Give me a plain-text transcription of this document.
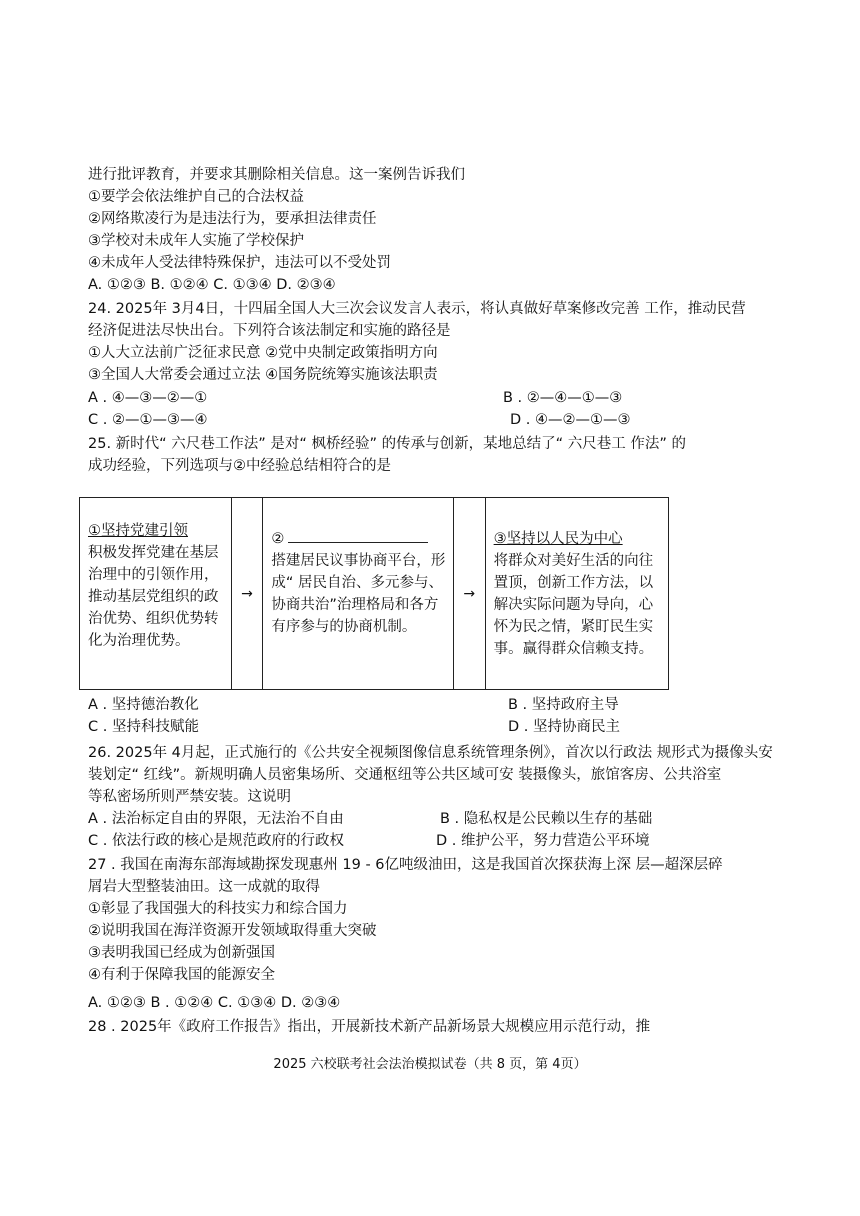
进行批评教育，并要求其删除相关信息。这一案例告诉我们
①要学会依法维护自己的合法权益
②网络欺凌行为是违法行为，要承担法律责任
③学校对未成年人实施了学校保护
④未成年人受法律特殊保护，违法可以不受处罚
A. ①②③ B. ①②④ C. ①③④ D. ②③④
24. 2025年 3月4日，十四届全国人大三次会议发言人表示，将认真做好草案修改完善 工作，推动民营
经济促进法尽快出台。下列符合该法制定和实施的路径是
①人大立法前广泛征求民意 ②党中央制定政策指明方向
③全国人大常委会通过立法 ④国务院统筹实施该法职责
25. 新时代“ 六尺巷工作法” 是对“ 枫桥经验” 的传承与创新，某地总结了“ 六尺巷工 作法” 的
成功经验，下列选项与②中经验总结相符合的是
26. 2025年 4月起，正式施行的《公共安全视频图像信息系统管理条例》，首次以行政法 规形式为摄像头安
装划定“ 红线”。新规明确人员密集场所、交通枢纽等公共区域可安 装摄像头，旅馆客房、公共浴室
等私密场所则严禁安装。这说明
27 . 我国在南海东部海域勘探发现惠州 19 - 6亿吨级油田，这是我国首次探获海上深 层—超深层碎
屑岩大型整装油田。这一成就的取得
①彰显了我国强大的科技实力和综合国力
②说明我国在海洋资源开发领域取得重大突破
③表明我国已经成为创新强国
④有利于保障我国的能源安全
A. ①②③ B . ①②④ C. ①③④ D. ②③④
28 . 2025年《政府工作报告》指出，开展新技术新产品新场景大规模应用示范行动，推
A . ④—③—②—①	B . ②—④—①—③
C . ②—①—③—④	D . ④—②—①—③
A . 坚持德治教化	B . 坚持政府主导
C . 坚持科技赋能	D . 坚持协商民主
A . 法治标定自由的界限，无法治不自由	B . 隐私权是公民赖以生存的基础
C . 依法行政的核心是规范政府的行政权	D . 维护公平，努力营造公平环境
①坚持党建引领
积极发挥党建在基层治理中的引领作用，推动基层党组织的政治优势、组织优势转化为治理优势。
→
②
搭建居民议事协商平台，形成“ 居民自治、多元参与、协商共治”治理格局和各方有序参与的协商机制。
→
③坚持以人民为中心
将群众对美好生活的向往置顶，创新工作方法，以解决实际问题为导向，心怀为民之情，紧盯民生实事。赢得群众信赖支持。
2025 六校联考社会法治模拟试卷（共 8 页，第 4页）
